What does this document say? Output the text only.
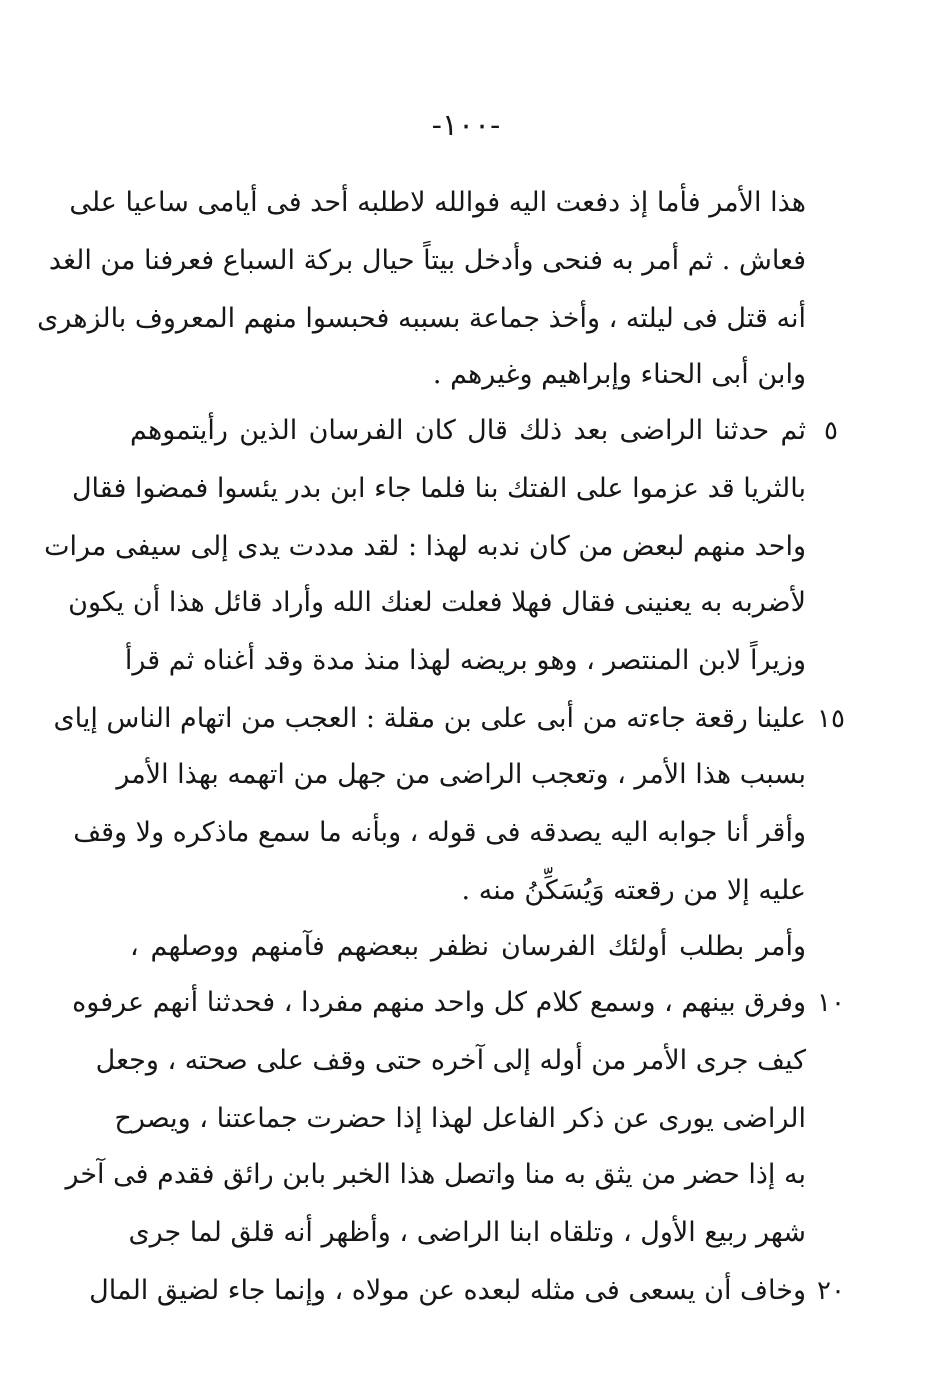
-١٠٠-
هذا الأمر فأما إذ دفعت اليه فوالله لاطلبه أحد فى أيامى ساعيا على
فعاش . ثم أمر به فنحى وأدخل بيتاً حيال بركة السباع فعرفنا من الغد
أنه قتل فى ليلته ، وأخذ جماعة بسببه فحبسوا منهم المعروف بالزهرى
وابن أبى الحناء وإبراهيم وغيرهم .
ثم حدثنا الراضى بعد ذلك قال كان الفرسان الذين رأيتموهم
بالثريا قد عزموا على الفتك بنا فلما جاء ابن بدر يئسوا فمضوا فقال
واحد منهم لبعض من كان ندبه لهذا : لقد مددت يدى إلى سيفى مرات
لأضربه به يعنينى فقال فهلا فعلت لعنك الله وأراد قائل هذا أن يكون
وزيراً لابن المنتصر ، وهو بريضه لهذا منذ مدة وقد أغناه ثم قرأ
علينا رقعة جاءته من أبى على بن مقلة : العجب من اتهام الناس إياى
بسبب هذا الأمر ، وتعجب الراضى من جهل من اتهمه بهذا الأمر
وأقر أنا جوابه اليه يصدقه فى قوله ، وبأنه ما سمع ماذكره ولا وقف
عليه إلا من رقعته وَيُسَكِّنُ منه .
وأمر بطلب أولئك الفرسان نظفر ببعضهم فآمنهم ووصلهم ،
وفرق بينهم ، وسمع كلام كل واحد منهم مفردا ، فحدثنا أنهم عرفوه
كيف جرى الأمر من أوله إلى آخره حتى وقف على صحته ، وجعل
الراضى يورى عن ذكر الفاعل لهذا إذا حضرت جماعتنا ، ويصرح
به إذا حضر من يثق به منا واتصل هذا الخبر بابن رائق فقدم فى آخر
شهر ربيع الأول ، وتلقاه ابنا الراضى ، وأظهر أنه قلق لما جرى
وخاف أن يسعى فى مثله لبعده عن مولاه ، وإنما جاء لضيق المال
٥
١٥
١٠
٢٠
